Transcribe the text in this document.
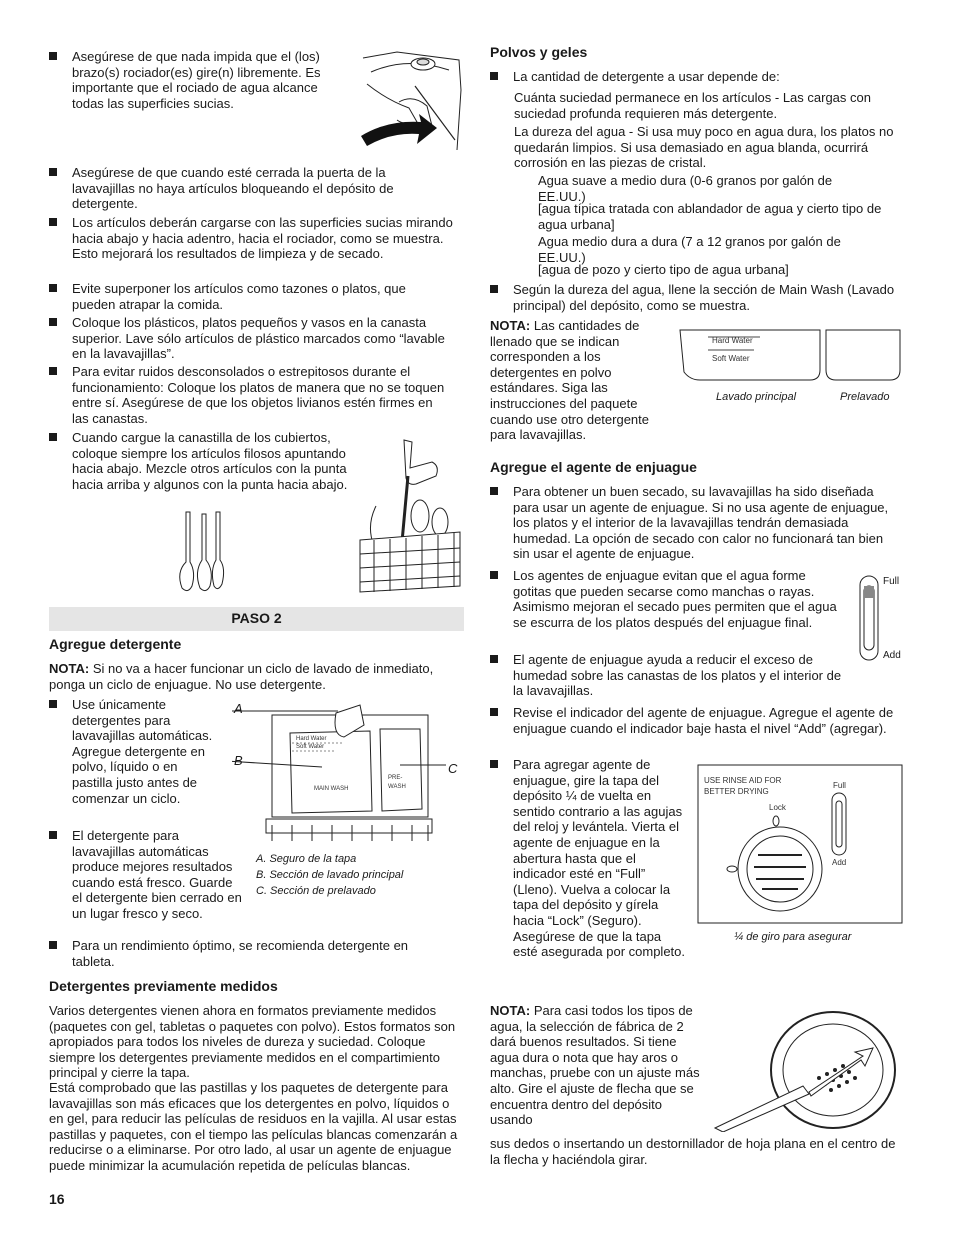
Asegúrese de que nada impida que el (los) brazo(s) rociador(es) gire(n) libremente. Es importante que el rociado de agua alcance todas las superficies sucias.
Asegúrese de que cuando esté cerrada la puerta de la lavavajillas no haya artículos bloqueando el depósito de detergente.
Los artículos deberán cargarse con las superficies sucias mirando hacia abajo y hacia adentro, hacia el rociador, como se muestra. Esto mejorará los resultados de limpieza y de secado.
Evite superponer los artículos como tazones o platos, que pueden atrapar la comida.
Coloque los plásticos, platos pequeños y vasos en la canasta superior. Lave sólo artículos de plástico marcados como “lavable en la lavavajillas”.
Para evitar ruidos desconsolados o estrepitosos durante el funcionamiento: Coloque los platos de manera que no se toquen entre sí. Asegúrese de que los objetos livianos estén firmes en las canastas.
Cuando cargue la canastilla de los cubiertos, coloque siempre los artículos filosos apuntando hacia abajo. Mezcle otros artículos con la punta hacia arriba y algunos con la punta hacia abajo.
PASO 2
Agregue detergente
NOTA: Si no va a hacer funcionar un ciclo de lavado de inmediato, ponga un ciclo de enjuague. No use detergente.
Use únicamente detergentes para lavavajillas automáticas. Agregue detergente en polvo, líquido o en pastilla justo antes de comenzar un ciclo.
El detergente para lavavajillas automáticas produce mejores resultados cuando está fresco. Guarde el detergente bien cerrado en un lugar fresco y seco.
Para un rendimiento óptimo, se recomienda detergente en tableta.
Hard Water
Soft Water
MAIN WASH
PRE-
WASH
A
B
C
A. Seguro de la tapa
B. Sección de lavado principal
C. Sección de prelavado
Detergentes previamente medidos
Varios detergentes vienen ahora en formatos previamente medidos (paquetes con gel, tabletas o paquetes con polvo). Estos formatos son apropiados para todos los niveles de dureza y suciedad. Coloque siempre los detergentes previamente medidos en el compartimiento principal y cierre la tapa.
Está comprobado que las pastillas y los paquetes de detergente para lavavajillas son más eficaces que los detergentes en polvo, líquidos o en gel, para reducir las películas de residuos en la vajilla. Al usar estas pastillas y paquetes, con el tiempo las películas blancas comenzarán a reducirse o a eliminarse. Por otro lado, al usar un agente de enjuague puede minimizar la acumulación repetida de películas blancas.
16
Polvos y geles
La cantidad de detergente a usar depende de:
Cuánta suciedad permanece en los artículos - Las cargas con suciedad profunda requieren más detergente.
La dureza del agua - Si usa muy poco en agua dura, los platos no quedarán limpios. Si usa demasiado en agua blanda, ocurrirá corrosión en las piezas de cristal.
Agua suave a medio dura (0-6 granos por galón de EE.UU.)
[agua típica tratada con ablandador de agua y cierto tipo de agua urbana]
Agua medio dura a dura (7 a 12 granos por galón de EE.UU.)
[agua de pozo y cierto tipo de agua urbana]
Según la dureza del agua, llene la sección de Main Wash (Lavado principal) del depósito, como se muestra.
NOTA: Las cantidades de llenado que se indican corresponden a los detergentes en polvo estándares. Siga las instrucciones del paquete cuando use otro detergente para lavavajillas.
Hard Water
Soft Water
Lavado principal	Prelavado
Agregue el agente de enjuague
Para obtener un buen secado, su lavavajillas ha sido diseñada para usar un agente de enjuague. Si no usa agente de enjuague, los platos y el interior de la lavavajillas tendrán demasiada humedad. La opción de secado con calor no funcionará tan bien sin usar el agente de enjuague.
Los agentes de enjuague evitan que el agua forme gotitas que pueden secarse como manchas o rayas. Asimismo mejoran el secado pues permiten que el agua se escurra de los platos después del enjuague final.
El agente de enjuague ayuda a reducir el exceso de humedad sobre las canastas de los platos y el interior de la lavavajillas.
Revise el indicador del agente de enjuague. Agregue el agente de enjuague cuando el indicador baje hasta el nivel “Add” (agregar).
Para agregar agente de enjuague, gire la tapa del depósito ¼ de vuelta en sentido contrario a las agujas del reloj y levántela. Vierta el agente de enjuague en la abertura hasta que el indicador esté en “Full” (Lleno). Vuelva a colocar la tapa del depósito y gírela hacia “Lock” (Seguro). Asegúrese de que la tapa esté asegurada por completo.
Full
Add
USE RINSE AID FOR
BETTER DRYING
Lock
Full
Add
¼ de giro para asegurar
NOTA: Para casi todos los tipos de agua, la selección de fábrica de 2 dará buenos resultados. Si tiene agua dura o nota que hay aros o manchas, pruebe con un ajuste más alto. Gire el ajuste de flecha que se encuentra dentro del depósito usando
sus dedos o insertando un destornillador de hoja plana en el centro de la flecha y haciéndola girar.
